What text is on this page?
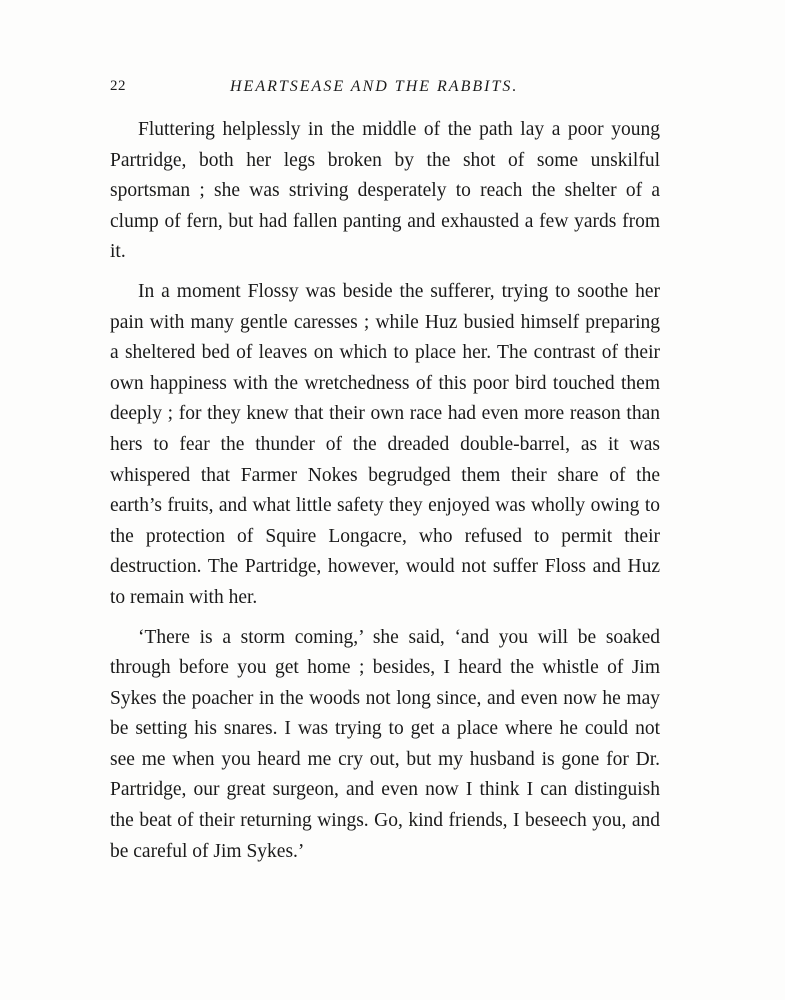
22	HEARTSEASE AND THE RABBITS.

Fluttering helplessly in the middle of the path lay a poor young Partridge, both her legs broken by the shot of some unskilful sportsman ; she was striving desperately to reach the shelter of a clump of fern, but had fallen panting and exhausted a few yards from it.

In a moment Flossy was beside the sufferer, trying to soothe her pain with many gentle caresses ; while Huz busied himself preparing a sheltered bed of leaves on which to place her. The contrast of their own happiness with the wretchedness of this poor bird touched them deeply ; for they knew that their own race had even more reason than hers to fear the thunder of the dreaded double-barrel, as it was whispered that Farmer Nokes begrudged them their share of the earth’s fruits, and what little safety they enjoyed was wholly owing to the protection of Squire Longacre, who refused to permit their destruction. The Partridge, however, would not suffer Floss and Huz to remain with her.

‘There is a storm coming,’ she said, ‘and you will be soaked through before you get home ; besides, I heard the whistle of Jim Sykes the poacher in the woods not long since, and even now he may be setting his snares. I was trying to get a place where he could not see me when you heard me cry out, but my husband is gone for Dr. Partridge, our great surgeon, and even now I think I can distinguish the beat of their returning wings. Go, kind friends, I beseech you, and be careful of Jim Sykes.’
